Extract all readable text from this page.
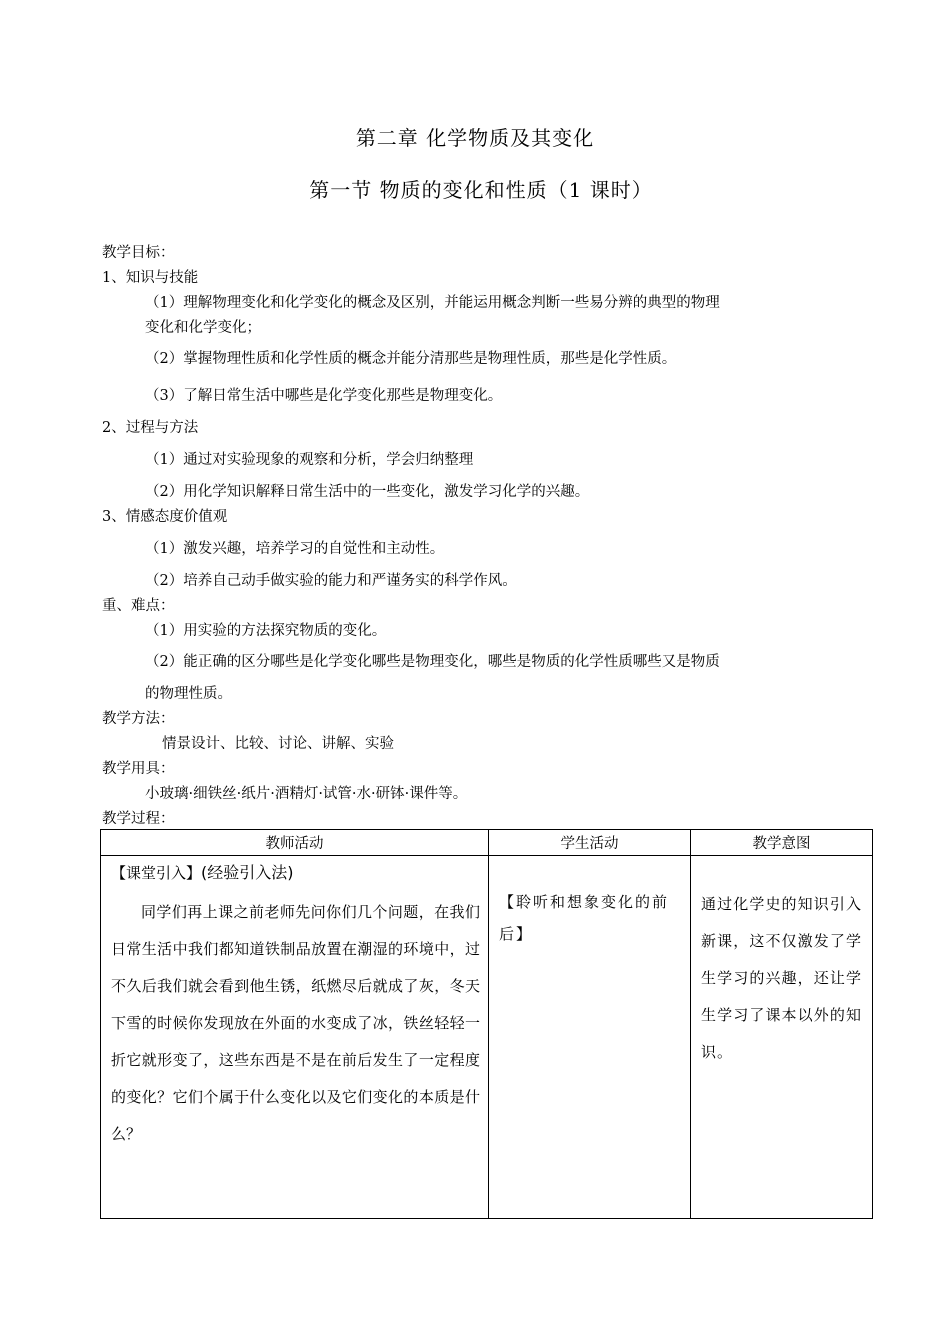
第二章 化学物质及其变化
第一节 物质的变化和性质（1 课时）
教学目标：
1、知识与技能
（1）理解物理变化和化学变化的概念及区别，并能运用概念判断一些易分辨的典型的物理
变化和化学变化；
（2）掌握物理性质和化学性质的概念并能分清那些是物理性质，那些是化学性质。
（3）了解日常生活中哪些是化学变化那些是物理变化。
2、过程与方法
（1）通过对实验现象的观察和分析，学会归纳整理
（2）用化学知识解释日常生活中的一些变化，激发学习化学的兴趣。
3、情感态度价值观
（1）激发兴趣，培养学习的自觉性和主动性。
（2）培养自己动手做实验的能力和严谨务实的科学作风。
重、难点：
（1）用实验的方法探究物质的变化。
（2）能正确的区分哪些是化学变化哪些是物理变化，哪些是物质的化学性质哪些又是物质
的物理性质。
教学方法：
情景设计、比较、讨论、讲解、实验
教学用具：
小玻璃·细铁丝·纸片·酒精灯·试管·水·研钵·课件等。
教学过程：
教师活动	学生活动	教学意图

【课堂引入】(经验引入法)
同学们再上课之前老师先问你们几个问题，在我们日常生活中我们都知道铁制品放置在潮湿的环境中，过不久后我们就会看到他生锈，纸燃尽后就成了灰，冬天下雪的时候你发现放在外面的水变成了冰，铁丝轻轻一折它就形变了，这些东西是不是在前后发生了一定程度的变化？它们个属于什么变化以及它们变化的本质是什么？	【聆听和想象变化的前后】	通过化学史的知识引入新课，这不仅激发了学生学习的兴趣，还让学生学习了课本以外的知识。
